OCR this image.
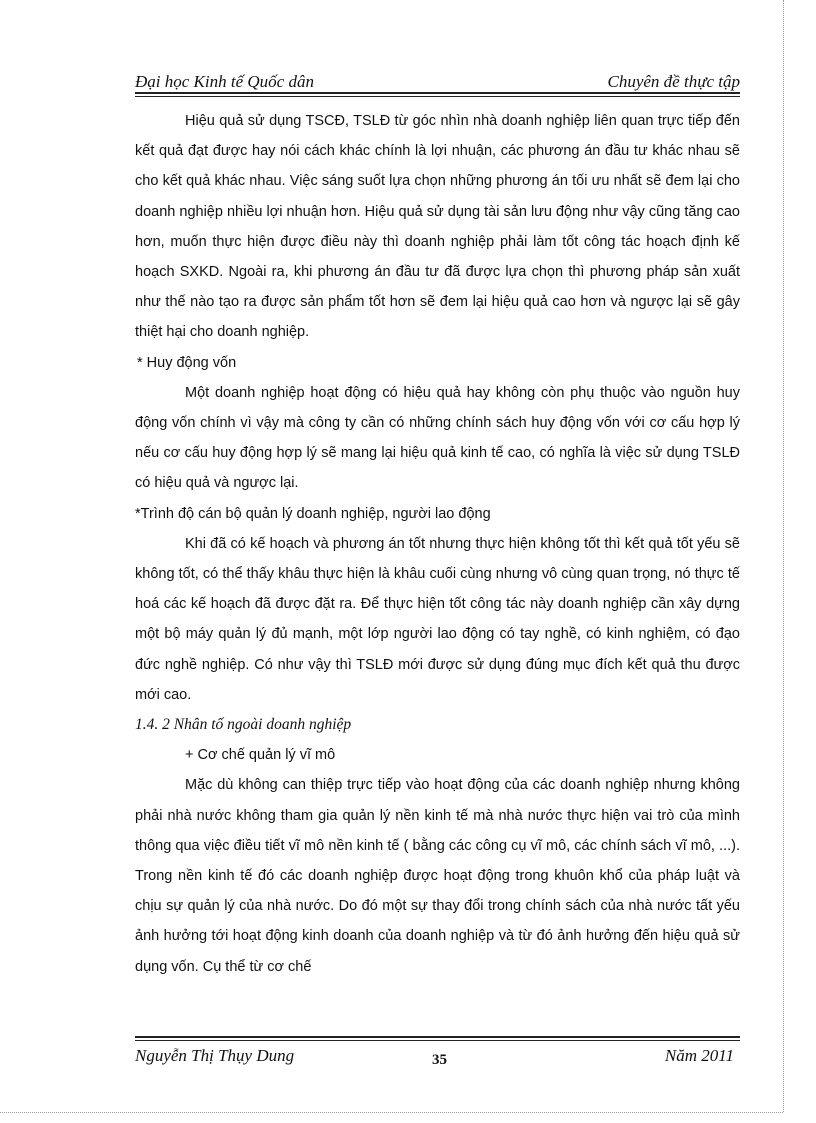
Đại học Kinh tế Quốc dân	Chuyên đề thực tập

Hiệu quả sử dụng TSCĐ, TSLĐ từ góc nhìn nhà doanh nghiệp liên quan trực tiếp đến kết quả đạt được hay nói cách khác chính là lợi nhuận, các phương án đầu tư khác nhau sẽ cho kết quả khác nhau. Việc sáng suốt lựa chọn những phương án tối ưu nhất sẽ đem lại cho doanh nghiệp nhiều lợi nhuận hơn. Hiệu quả sử dụng tài sản lưu động như vậy cũng tăng cao hơn, muốn thực hiện được điều này thì doanh nghiệp phải làm tốt công tác hoạch định kế hoạch SXKD. Ngoài ra, khi phương án đầu tư đã được lựa chọn thì phương pháp sản xuất như thế nào tạo ra được sản phẩm tốt hơn sẽ đem lại hiệu quả cao hơn và ngược lại sẽ gây thiệt hại cho doanh nghiệp.

* Huy động vốn

Một doanh nghiệp hoạt động có hiệu quả hay không còn phụ thuộc vào nguồn huy động vốn chính vì vậy mà công ty cần có những chính sách huy động vốn với cơ cấu hợp lý nếu cơ cấu huy động hợp lý sẽ mang lại hiệu quả kinh tế cao, có nghĩa là việc sử dụng TSLĐ có hiệu quả và ngược lại.

*Trình độ cán bộ quản lý doanh nghiệp, người lao động

Khi đã có kế hoạch và phương án tốt nhưng thực hiện không tốt thì kết quả tốt yếu sẽ không tốt, có thể thấy khâu thực hiện là khâu cuối cùng nhưng vô cùng quan trọng, nó thực tế hoá các kế hoạch đã được đặt ra. Để thực hiện tốt công tác này doanh nghiệp cần xây dựng một bộ máy quản lý đủ mạnh, một lớp người lao động có tay nghề, có kinh nghiệm, có đạo đức nghề nghiệp. Có như vậy thì TSLĐ mới được sử dụng đúng mục đích kết quả thu được mới cao.

1.4. 2 Nhân tố ngoài doanh nghiệp

+ Cơ chế quản lý vĩ mô

Mặc dù không can thiệp trực tiếp vào hoạt động của các doanh nghiệp nhưng không phải nhà nước không tham gia quản lý nền kinh tế mà nhà nước thực hiện vai trò của mình thông qua việc điều tiết vĩ mô nền kinh tế ( bằng các công cụ vĩ mô, các chính sách vĩ mô, ...). Trong nền kinh tế đó các doanh nghiệp được hoạt động trong khuôn khổ của pháp luật và chịu sự quản lý của nhà nước. Do đó một sự thay đổi trong chính sách của nhà nước tất yếu ảnh hưởng tới hoạt động kinh doanh của doanh nghiệp và từ đó ảnh hưởng đến hiệu quả sử dụng vốn. Cụ thể từ cơ chế

Nguyễn Thị Thụy Dung	35	Năm 2011
